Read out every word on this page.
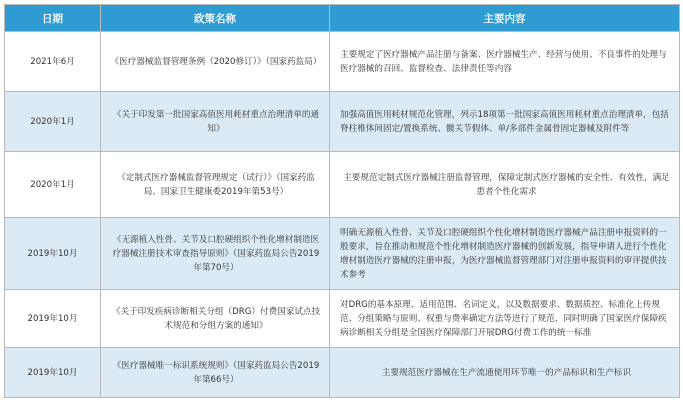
日期	政策名称	主要内容
2021年6月	《医疗器械监督管理条例（2020修订）》（国家药监局）	主要规定了医疗器械产品注册与备案、医疗器械生产、经营与使用、不良事件的处理与医疗器械的召回、监督检查、法律责任等内容
2020年1月	《关于印发第一批国家高值医用耗材重点治理清单的通知》	加强高值医用耗材规范化管理，列示18项第一批国家高值医用耗材重点治理清单，包括脊柱椎体间固定/置换系统、髋关节假体、单/多部件金属骨固定器械及附件等
2020年1月	《定制式医疗器械监督管理规定（试行）》（国家药监局、国家卫生健康委2019年第53号）	主要规范定制式医疗器械注册监督管理，保障定制式医疗器械的安全性、有效性，满足患者个性化需求
2019年10月	《无源植入性骨、关节及口腔硬组织个性化增材制造医疗器械注册技术审查指导原则》（国家药监局公告2019年第70号）	明确无源植入性骨、关节及口腔硬组织个性化增材制造医疗器械产品注册申报资料的一般要求，旨在推动和规范个性化增材制造医疗器械的创新发展，指导申请人进行个性化增材制造医疗器械的注册申报，为医疗器械监督管理部门对注册申报资料的审评提供技术参考
2019年10月	《关于印发疾病诊断相关分组（DRG）付费国家试点技术规范和分组方案的通知》	对DRG的基本原理、适用范围、名词定义，以及数据要求、数据质控、标准化上传规范、分组策略与原则、权重与费率确定方法等进行了规范，同时明确了国家医疗保障疾病诊断相关分组是全国医疗保障部门开展DRG付费工作的统一标准
2019年10月	《医疗器械唯一标识系统规则》（国家药监局公告2019年第66号）	主要规范医疗器械在生产流通使用环节唯一的产品标识和生产标识
